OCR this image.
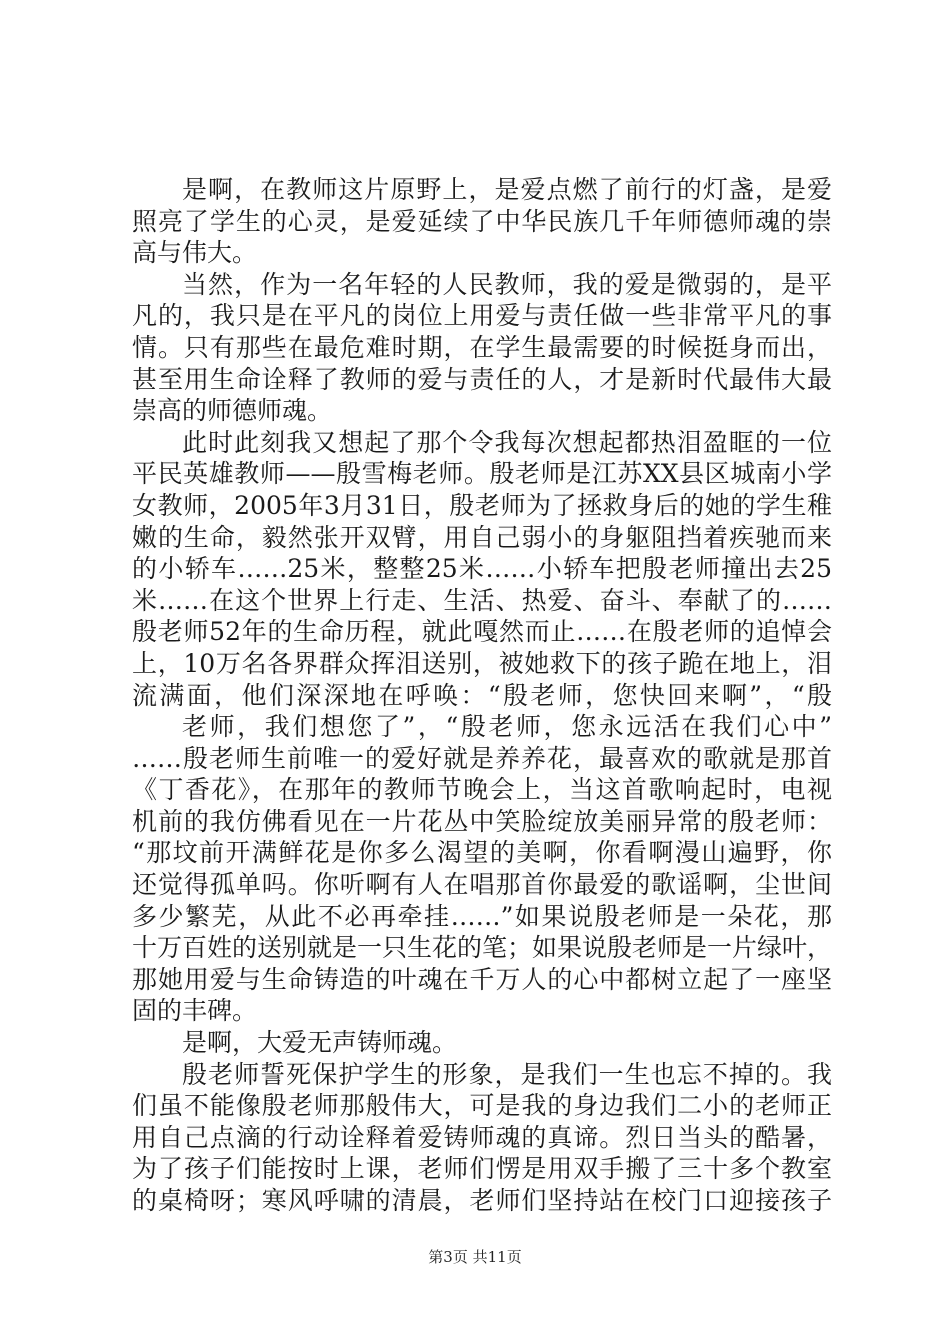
是啊，在教师这片原野上，是爱点燃了前行的灯盏，是爱
照亮了学生的心灵，是爱延续了中华民族几千年师德师魂的崇
高与伟大。
当然，作为一名年轻的人民教师，我的爱是微弱的，是平
凡的，我只是在平凡的岗位上用爱与责任做一些非常平凡的事
情。只有那些在最危难时期，在学生最需要的时候挺身而出，
甚至用生命诠释了教师的爱与责任的人，才是新时代最伟大最
崇高的师德师魂。
此时此刻我又想起了那个令我每次想起都热泪盈眶的一位
平民英雄教师——殷雪梅老师。殷老师是江苏XX县区城南小学
女教师，2005年3月31日，殷老师为了拯救身后的她的学生稚
嫩的生命，毅然张开双臂，用自己弱小的身躯阻挡着疾驰而来
的小轿车……25米，整整25米……小轿车把殷老师撞出去25
米……在这个世界上行走、生活、热爱、奋斗、奉献了的……
殷老师52年的生命历程，就此嘎然而止……在殷老师的追悼会
上，10万名各界群众挥泪送别，被她救下的孩子跪在地上，泪
流满面，他们深深地在呼唤：“殷老师，您快回来啊”，“殷
老师，我们想您了”，“殷老师，您永远活在我们心中”
……殷老师生前唯一的爱好就是养养花，最喜欢的歌就是那首
《丁香花》，在那年的教师节晚会上，当这首歌响起时，电视
机前的我仿佛看见在一片花丛中笑脸绽放美丽异常的殷老师：
“那坟前开满鲜花是你多么渴望的美啊，你看啊漫山遍野，你
还觉得孤单吗。你听啊有人在唱那首你最爱的歌谣啊，尘世间
多少繁芜，从此不必再牵挂……”如果说殷老师是一朵花，那
十万百姓的送别就是一只生花的笔；如果说殷老师是一片绿叶，
那她用爱与生命铸造的叶魂在千万人的心中都树立起了一座坚
固的丰碑。
是啊，大爱无声铸师魂。
殷老师誓死保护学生的形象，是我们一生也忘不掉的。我
们虽不能像殷老师那般伟大，可是我的身边我们二小的老师正
用自己点滴的行动诠释着爱铸师魂的真谛。烈日当头的酷暑，
为了孩子们能按时上课，老师们愣是用双手搬了三十多个教室
的桌椅呀；寒风呼啸的清晨，老师们坚持站在校门口迎接孩子
第3页 共11页
